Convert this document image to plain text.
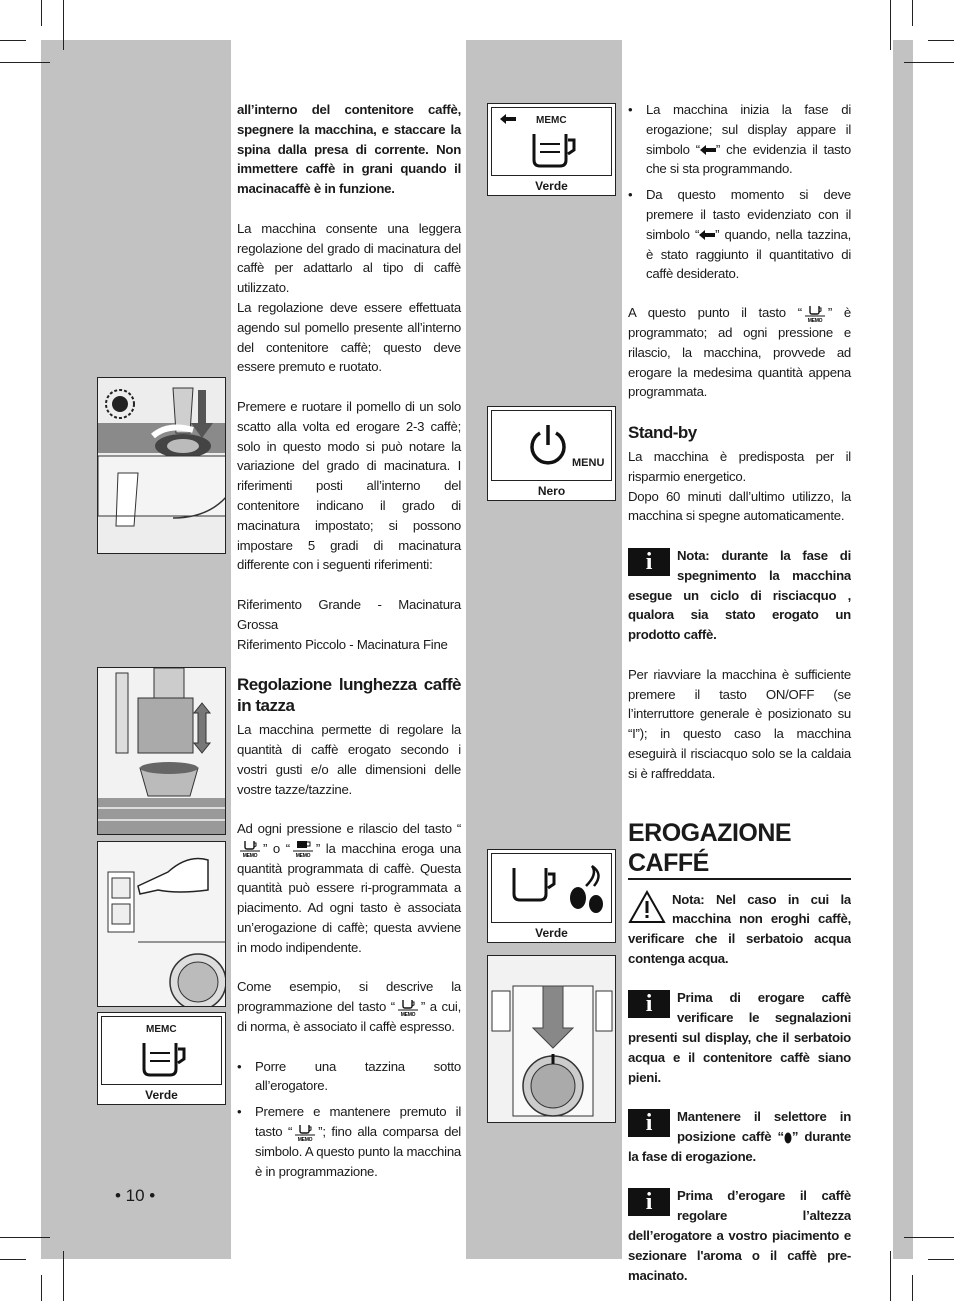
MEMC
Verde
MEMC
Verde
MENU
Nero
Verde

all’interno del contenitore caffè, spegnere la macchina, e staccare la spina dalla presa di corrente. Non immettere caffè in grani quando il macinacaffè è in funzione.

La macchina consente una leggera regolazione del grado di macinatura del caffè per adattarlo al tipo di caffè utilizzato.

La regolazione deve essere effettuata agendo sul pomello presente all’interno del contenitore caffè; questo deve essere premuto e ruotato.

Premere e ruotare il pomello di un solo scatto alla volta ed erogare 2-3 caffè; solo in questo modo si può notare la variazione del grado di macinatura. I riferimenti posti all’interno del contenitore indicano il grado di macinatura impostato; si possono impostare 5 gradi di macinatura differente con i seguenti riferimenti:

Riferimento Grande - Macinatura Grossa

Riferimento Piccolo - Macinatura Fine

Regolazione lunghezza caffè in tazza

La macchina permette di regolare la quantità di caffè erogato secondo i vostri gusti e/o alle dimensioni delle vostre tazze/tazzine.

Ad ogni pressione e rilascio del tasto “
MEMO
” o “
MEMO
” la macchina eroga una quantità programmata di caffè. Questa quantità può essere ri-programmata a piacimento. Ad ogni tasto è associata un’erogazione di caffè; questa avviene in modo indipendente.

Come esempio, si descrive la programmazione del tasto “
MEMO
” a cui, di norma, è associato il caffè espresso.

• Porre una tazzina sotto all’erogatore.
• Premere e mantenere premuto il tasto “
MEMO
”; fino alla comparsa del simbolo. A questo punto la macchina è in programmazione.
• La macchina inizia la fase di erogazione; sul display appare il simbolo “ ” che evidenzia il tasto che si sta programmando.
• Da questo momento si deve premere il tasto evidenziato con il simbolo “ ” quando, nella tazzina, è stato raggiunto il quantitativo di caffè desiderato.

A questo punto il tasto “
MEMO
” è programmato; ad ogni pressione e rilascio, la macchina, provvede ad erogare la medesima quantità appena programmata.

Stand-by

La macchina è predisposta per il risparmio energetico.

Dopo 60 minuti dall’ultimo utilizzo, la macchina si spegne automaticamente.

i	Nota: durante la fase di spegnimento la macchina esegue un ciclo di risciacquo , qualora sia stato erogato un prodotto caffè.

Per riavviare la macchina è sufficiente premere il tasto ON/OFF (se l’interruttore generale è posizionato su “I”); in questo caso la macchina eseguirà il risciacquo solo se la caldaia si è raffreddata.

EROGAZIONE CAFFÉ

Nota: Nel caso in cui la macchina non eroghi caffè, verificare che il serbatoio acqua contenga acqua.

i	Prima di erogare caffè verificare le segnalazioni presenti sul display, che il serbatoio acqua e il contenitore caffè siano pieni.

i	Mantenere il selettore in posizione caffè “ ” durante la fase di erogazione.

i	Prima d’erogare il caffè regolare l’altezza dell’erogatore a vostro piacimento e sezionare l'aroma o il caffè pre-macinato.

• 10 •
